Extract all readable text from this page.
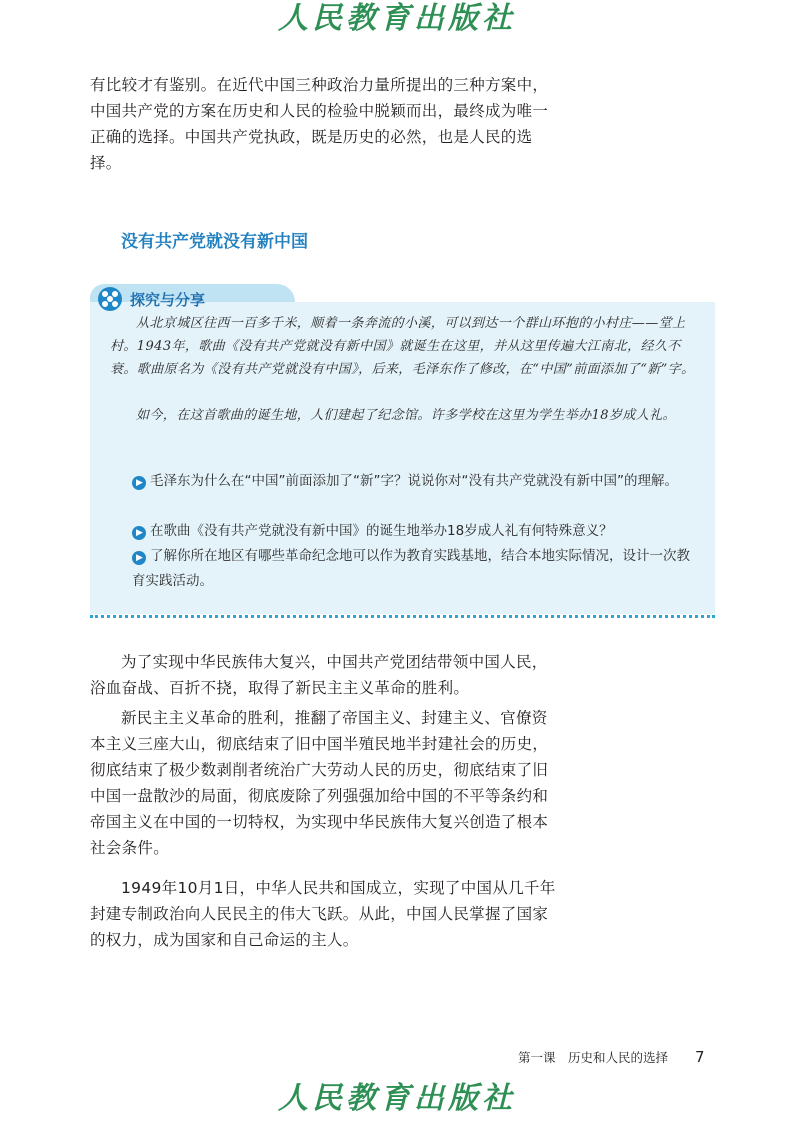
人民教育出版社

有比较才有鉴别。在近代中国三种政治力量所提出的三种方案中，中国共产党的方案在历史和人民的检验中脱颖而出，最终成为唯一正确的选择。中国共产党执政，既是历史的必然，也是人民的选择。

没有共产党就没有新中国

从北京城区往西一百多千米，顺着一条奔流的小溪，可以到达一个群山环抱的小村庄——堂上村。1943年，歌曲《没有共产党就没有新中国》就诞生在这里，并从这里传遍大江南北，经久不衰。歌曲原名为《没有共产党就没有中国》，后来，毛泽东作了修改，在“中国”前面添加了“新”字。

如今，在这首歌曲的诞生地，人们建起了纪念馆。许多学校在这里为学生举办18岁成人礼。

▶ 毛泽东为什么在“中国”前面添加了“新”字？说说你对“没有共产党就没有新中国”的理解。

▶ 在歌曲《没有共产党就没有新中国》的诞生地举办18岁成人礼有何特殊意义？

▶ 了解你所在地区有哪些革命纪念地可以作为教育实践基地，结合本地实际情况，设计一次教育实践活动。

探究与分享

为了实现中华民族伟大复兴，中国共产党团结带领中国人民，浴血奋战、百折不挠，取得了新民主主义革命的胜利。

新民主主义革命的胜利，推翻了帝国主义、封建主义、官僚资本主义三座大山，彻底结束了旧中国半殖民地半封建社会的历史，彻底结束了极少数剥削者统治广大劳动人民的历史，彻底结束了旧中国一盘散沙的局面，彻底废除了列强强加给中国的不平等条约和帝国主义在中国的一切特权，为实现中华民族伟大复兴创造了根本社会条件。

1949年10月1日，中华人民共和国成立，实现了中国从几千年封建专制政治向人民民主的伟大飞跃。从此，中国人民掌握了国家的权力，成为国家和自己命运的主人。

第一课　历史和人民的选择 7
人民教育出版社
